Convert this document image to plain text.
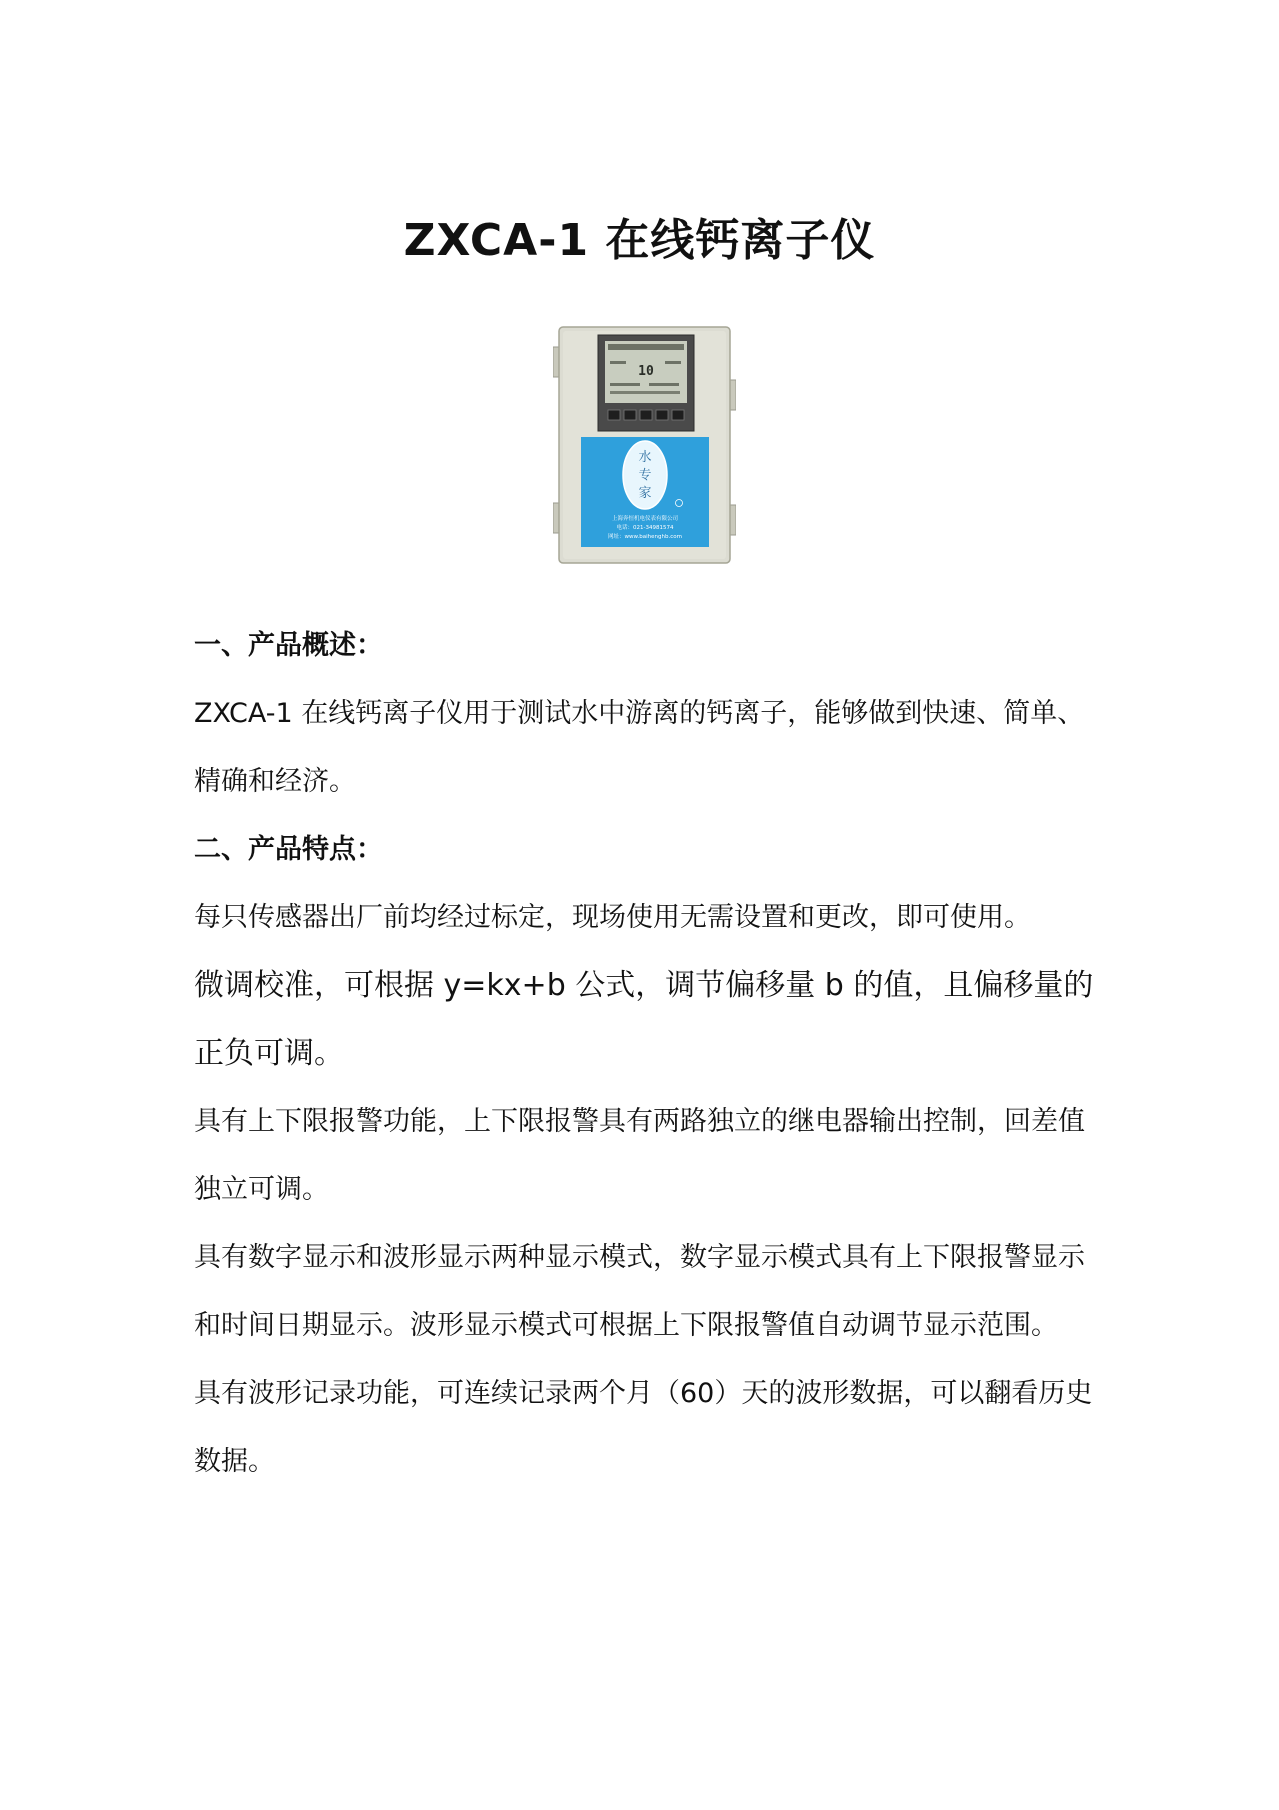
ZXCA-1 在线钙离子仪
10
水
专
家
上海奔恒机电仪表有限公司
电话：021-34981574
网址：www.baihenghb.com
一、产品概述：
ZXCA-1 在线钙离子仪用于测试水中游离的钙离子，能够做到快速、简单、精确和经济。
二、产品特点：
每只传感器出厂前均经过标定，现场使用无需设置和更改，即可使用。
微调校准，可根据 y=kx+b 公式，调节偏移量 b 的值，且偏移量的正负可调。
具有上下限报警功能，上下限报警具有两路独立的继电器输出控制，回差值独立可调。
具有数字显示和波形显示两种显示模式，数字显示模式具有上下限报警显示和时间日期显示。波形显示模式可根据上下限报警值自动调节显示范围。
具有波形记录功能，可连续记录两个月（60）天的波形数据，可以翻看历史数据。
